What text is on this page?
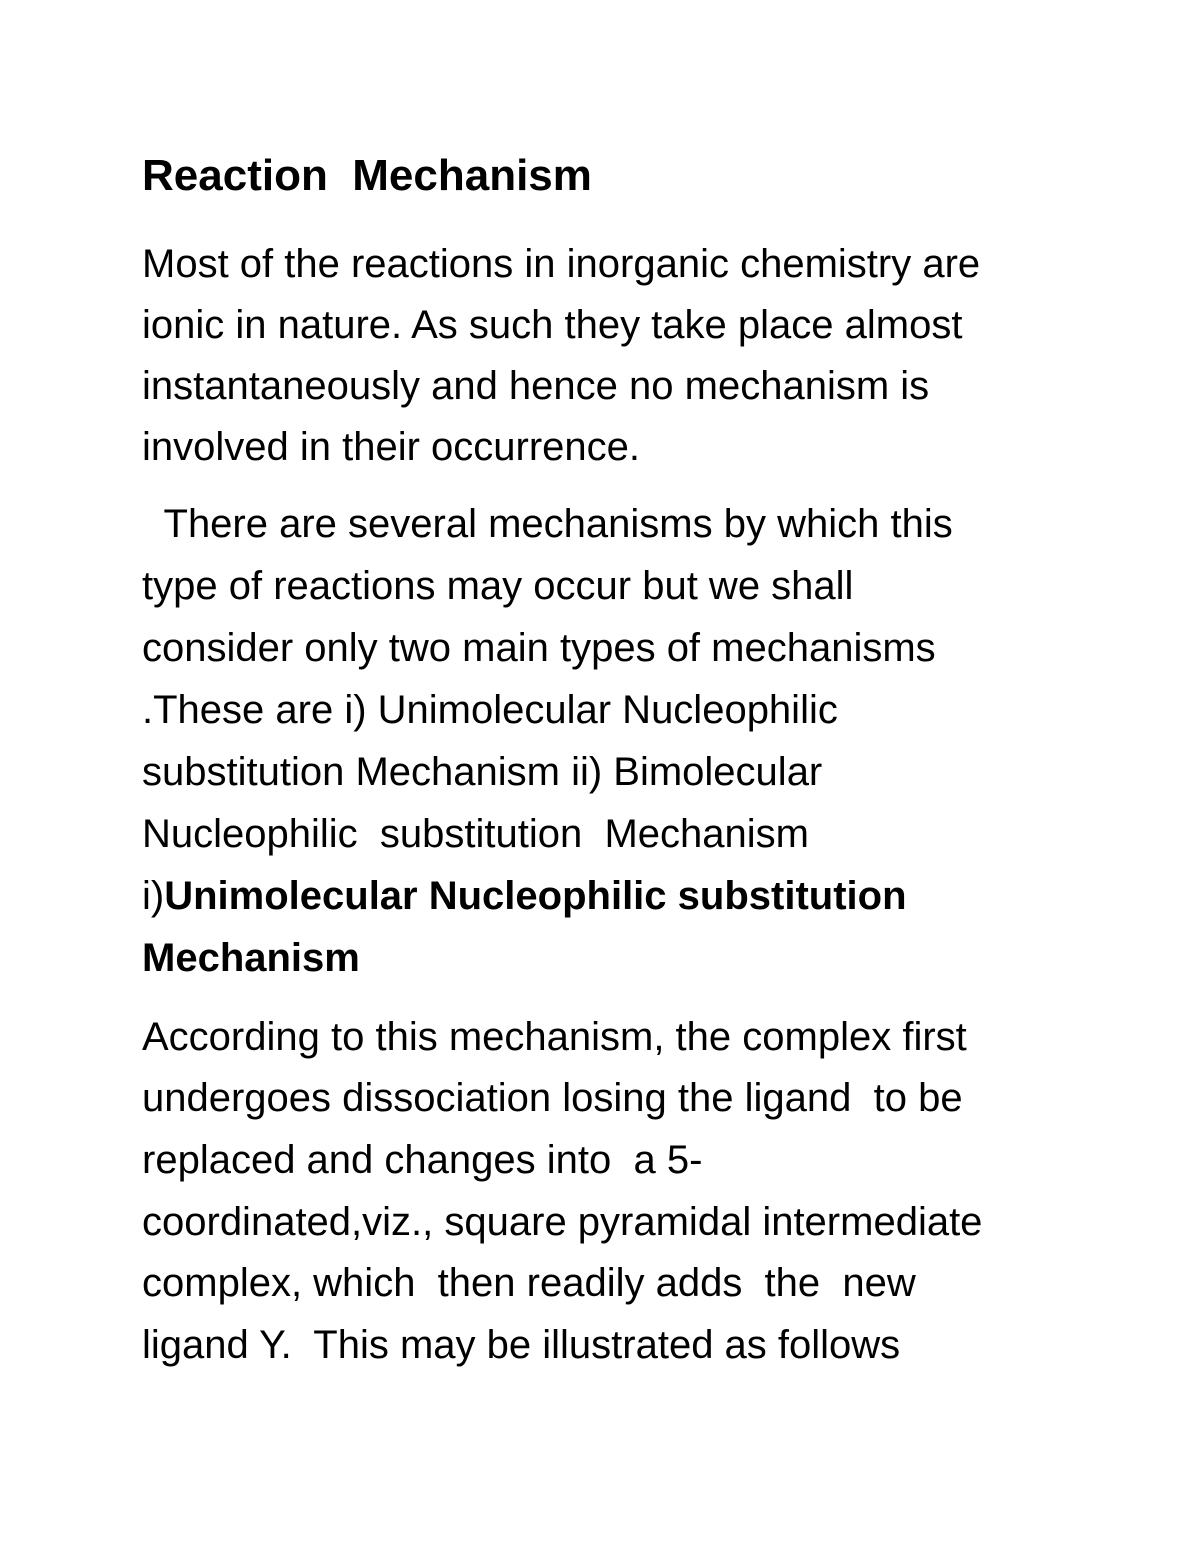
Reaction  Mechanism
Most of the reactions in inorganic chemistry are
ionic in nature. As such they take place almost
instantaneously and hence no mechanism is
involved in their occurrence.
There are several mechanisms by which this
type of reactions may occur but we shall
consider only two main types of mechanisms
.These are i) Unimolecular Nucleophilic
substitution Mechanism ii) Bimolecular
Nucleophilic  substitution  Mechanism
i)Unimolecular Nucleophilic substitution
Mechanism
According to this mechanism, the complex first
undergoes dissociation losing the ligand  to be
replaced and changes into  a 5-
coordinated,viz., square pyramidal intermediate
complex, which  then readily adds  the  new
ligand Y.  This may be illustrated as follows
